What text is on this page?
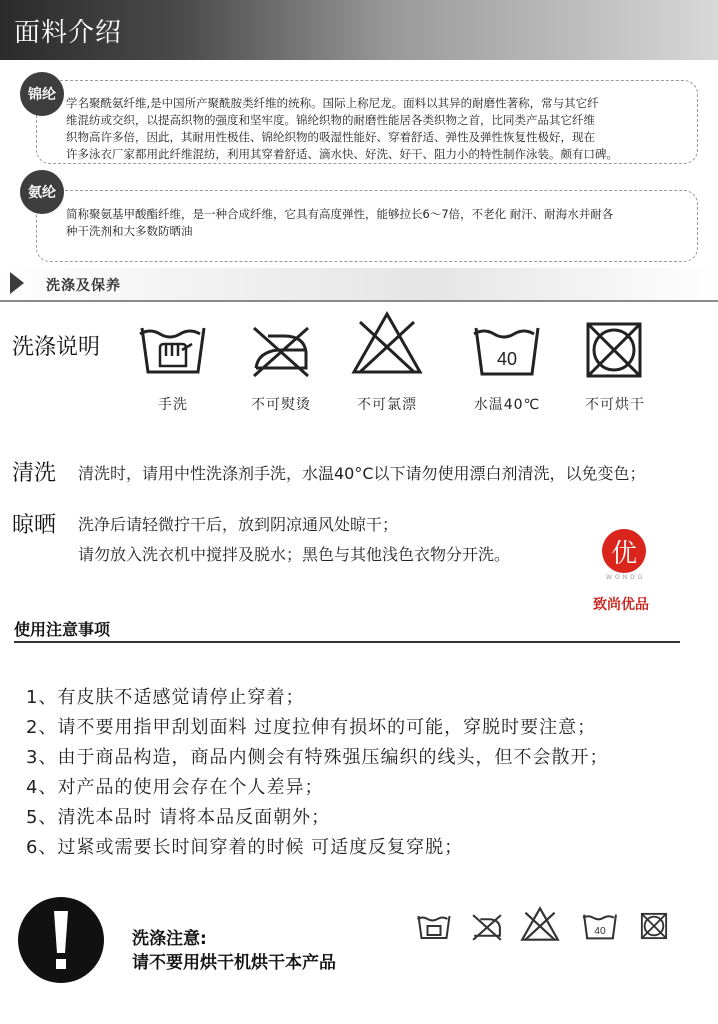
面料介绍
锦纶 学名聚酰氨纤维,是中国所产聚酰胺类纤维的统称。国际上称尼龙。面料以其异的耐磨性著称，常与其它纤
维混纺或交织，以提高织物的强度和坚牢度。锦纶织物的耐磨性能居各类织物之首，比同类产品其它纤维
织物高许多倍，因此，其耐用性极佳、锦纶织物的吸湿性能好、穿着舒适、弹性及弹性恢复性极好，现在
许多泳衣厂家都用此纤维混纺，利用其穿着舒适、滴水快、好洗、好干、阻力小的特性制作泳装。颇有口碑。
氨纶
简称聚氨基甲酸酯纤维，是一种合成纤维，它具有高度弹性，能够拉长6～7倍，不老化 耐汗、耐海水并耐各
种干洗剂和大多数防晒油
洗涤及保养
洗涤说明
手洗	不可熨烫	不可氯漂
40
水温40℃	不可烘干
清洗 清洗时，请用中性洗涤剂手洗，水温40°C以下请勿使用漂白剂清洗，以免变色；
晾晒 洗净后请轻微拧干后，放到阴凉通风处晾干；
请勿放入洗衣机中搅拌及脱水；黑色与其他浅色衣物分开洗。	优
WONDG
致尚优品
使用注意事项
1、有皮肤不适感觉请停止穿着；
2、请不要用指甲刮划面料 过度拉伸有损坏的可能，穿脱时要注意；
3、由于商品构造，商品内侧会有特殊强压编织的线头，但不会散开；
4、对产品的使用会存在个人差异；
5、清洗本品时 请将本品反面朝外；
6、过紧或需要长时间穿着的时候 可适度反复穿脱；
洗涤注意:
请不要用烘干机烘干本产品
40
